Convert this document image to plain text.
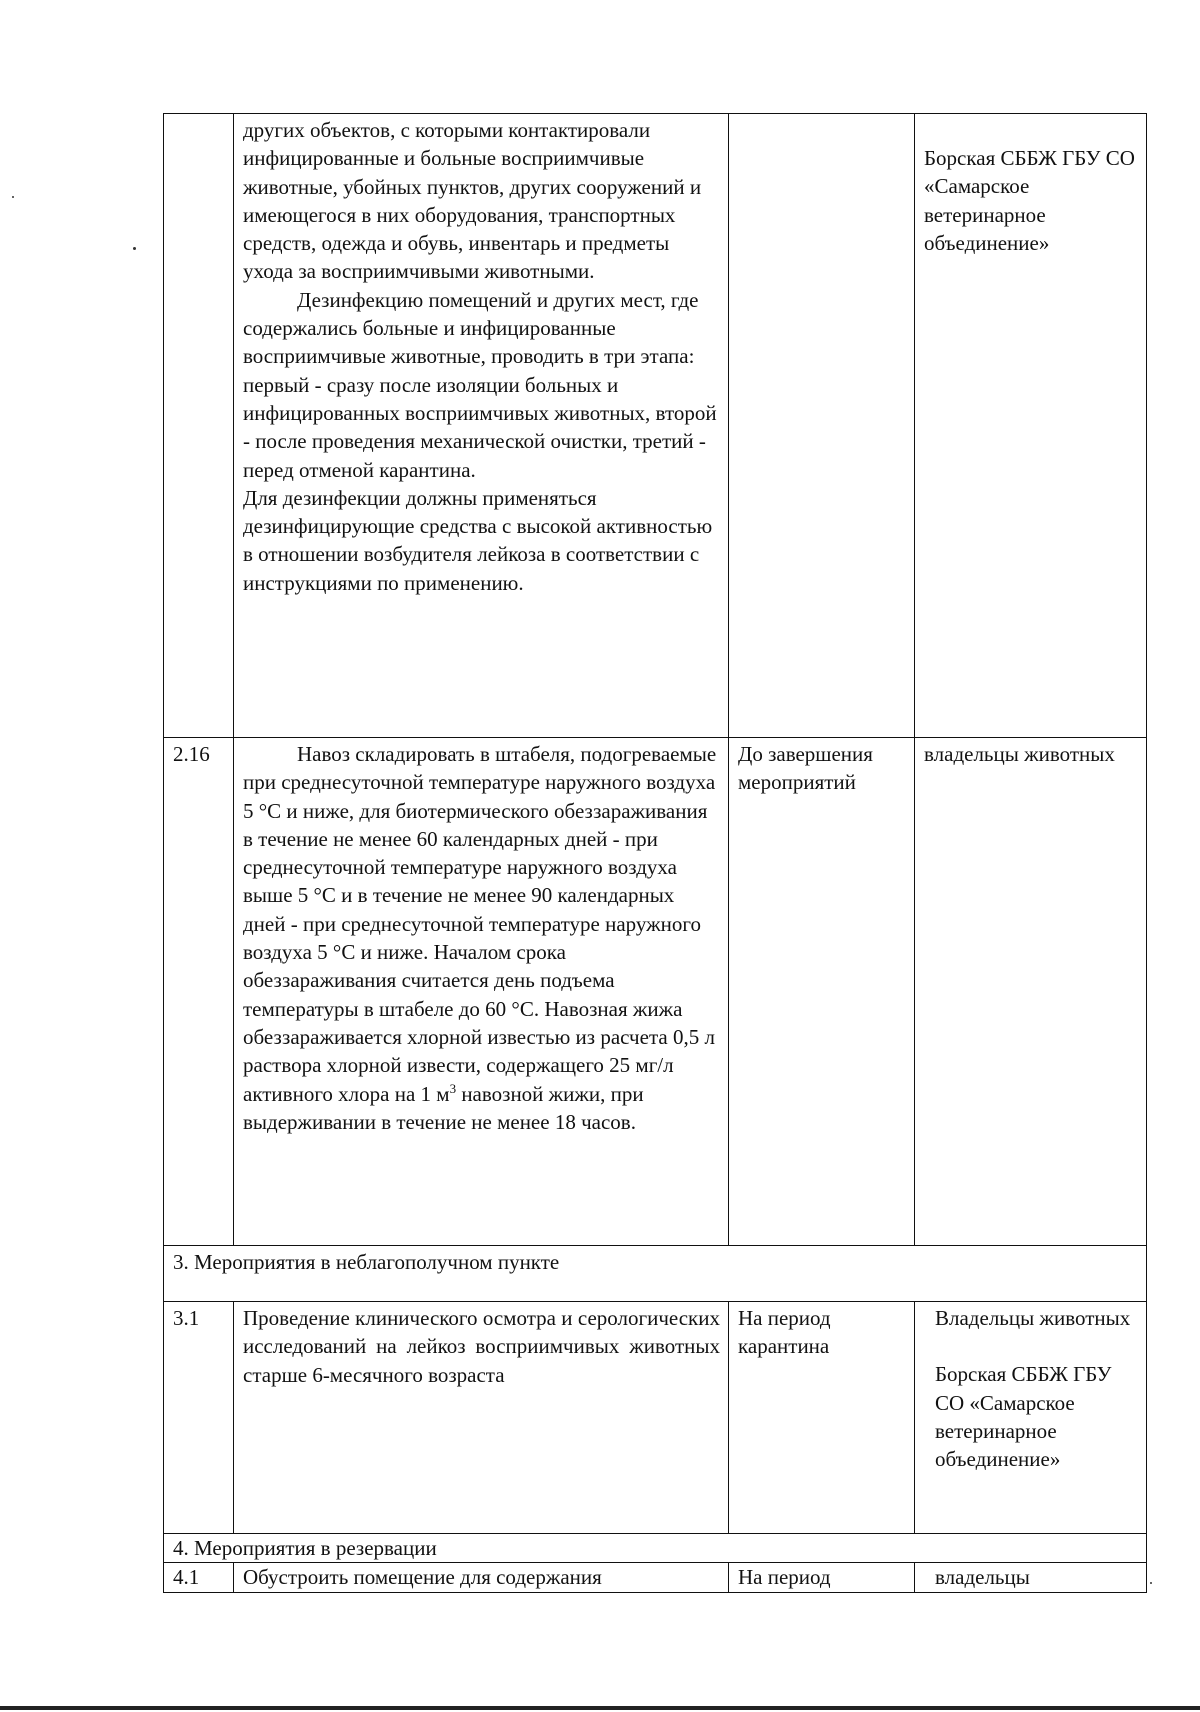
	других объектов, с которыми контактировали инфицированные и больные восприимчивые животные, убойных пунктов, других сооружений и имеющегося в них оборудования, транспортных средств, одежда и обувь, инвентарь и предметы ухода за восприимчивыми животными.

Дезинфекцию помещений и других мест, где содержались больные и инфицированные восприимчивые животные, проводить в три этапа: первый - сразу после изоляции больных и инфицированных восприимчивых животных, второй - после проведения механической очистки, третий - перед отменой карантина.

Для дезинфекции должны применяться дезинфицирующие средства с высокой активностью в отношении возбудителя лейкоза в соответствии с инструкциями по применению.		Борская СББЖ ГБУ СО «Самарское ветеринарное объединение»

2.16	Навоз складировать в штабеля, подогреваемые при среднесуточной температуре наружного воздуха 5 °С и ниже, для биотермического обеззараживания в течение не менее 60 календарных дней - при среднесуточной температуре наружного воздуха выше 5 °С и в течение не менее 90 календарных дней - при среднесуточной температуре наружного воздуха 5 °С и ниже. Началом срока обеззараживания считается день подъема температуры в штабеле до 60 °С. Навозная жижа обеззараживается хлорной известью из расчета 0,5 л раствора хлорной извести, содержащего 25 мг/л активного хлора на 1 $м^3$ навозной жижи, при выдерживании в течение не менее 18 часов.	До завершения мероприятий	владельцы животных
3. Мероприятия в неблагополучном пункте			
3.1	Проведение клинического осмотра и серологических исследований на лейкоз восприимчивых животных старше 6-месячного возраста	На период карантина	Владельцы животных

Борская СББЖ ГБУ СО «Самарское ветеринарное объединение»

4. Мероприятия в резервации			
4.1	Обустроить помещение для содержания	На период	владельцы
